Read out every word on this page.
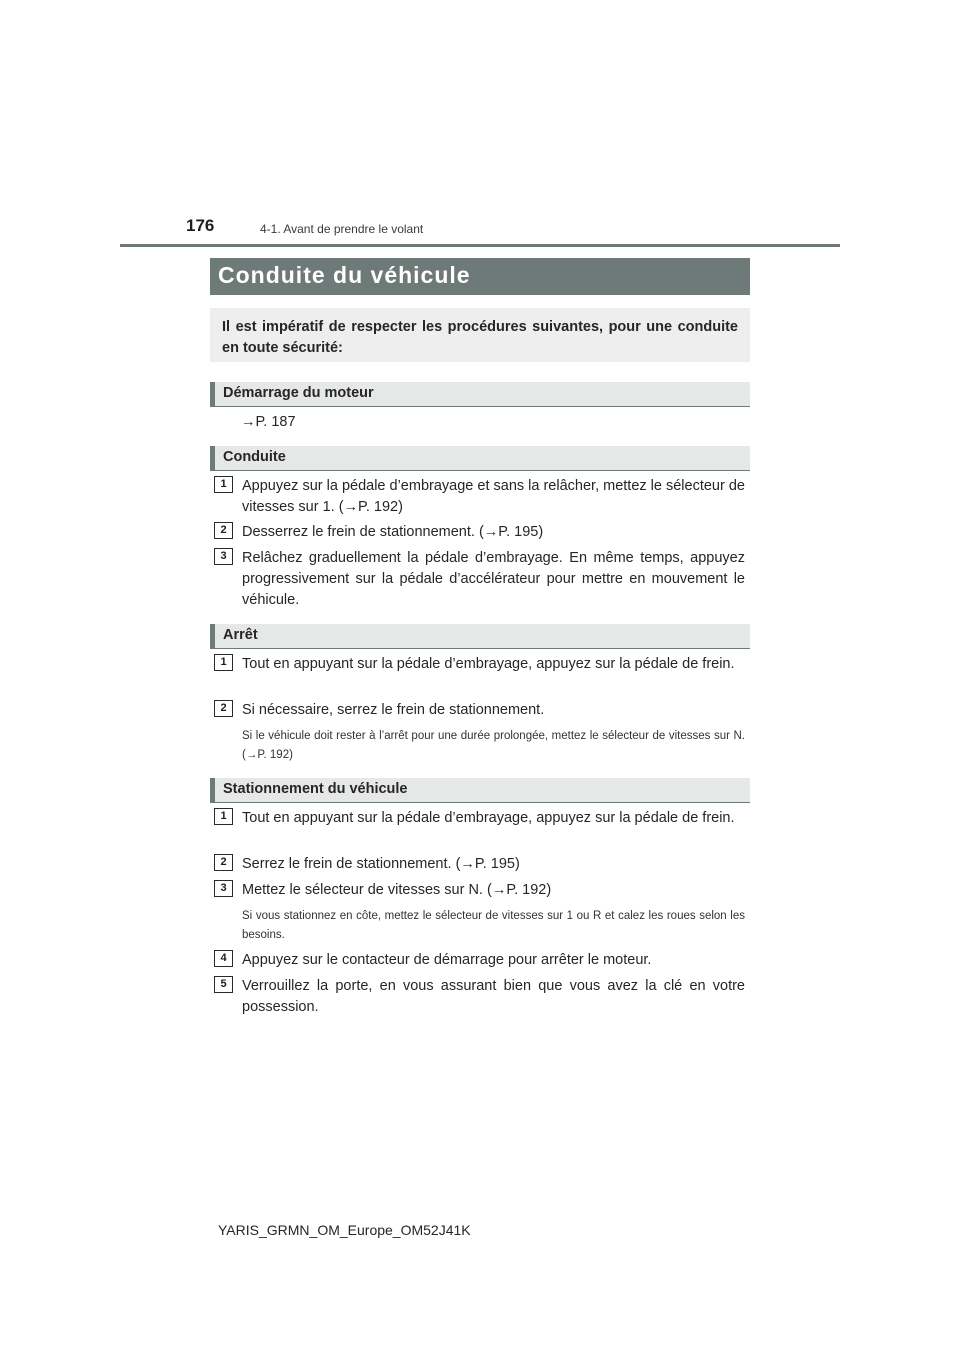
176	4-1. Avant de prendre le volant
Conduite du véhicule
Il est impératif de respecter les procédures suivantes, pour une conduite en toute sécurité:
Démarrage du moteur
→P. 187
Conduite
1	Appuyez sur la pédale d’embrayage et sans la relâcher, mettez le sélecteur de vitesses sur 1. (→P. 192)
2	Desserrez le frein de stationnement. (→P. 195)
3	Relâchez graduellement la pédale d’embrayage. En même temps, appuyez progressivement sur la pédale d’accélérateur pour mettre en mouvement le véhicule.
Arrêt
1	Tout en appuyant sur la pédale d’embrayage, appuyez sur la pédale de frein.
2	Si nécessaire, serrez le frein de stationnement.
Si le véhicule doit rester à l’arrêt pour une durée prolongée, mettez le sélecteur de vitesses sur N. (→P. 192)
Stationnement du véhicule
1	Tout en appuyant sur la pédale d’embrayage, appuyez sur la pédale de frein.
2	Serrez le frein de stationnement. (→P. 195)
3	Mettez le sélecteur de vitesses sur N. (→P. 192)
Si vous stationnez en côte, mettez le sélecteur de vitesses sur 1 ou R et calez les roues selon les besoins.
4	Appuyez sur le contacteur de démarrage pour arrêter le moteur.
5	Verrouillez la porte, en vous assurant bien que vous avez la clé en votre possession.
YARIS_GRMN_OM_Europe_OM52J41K
